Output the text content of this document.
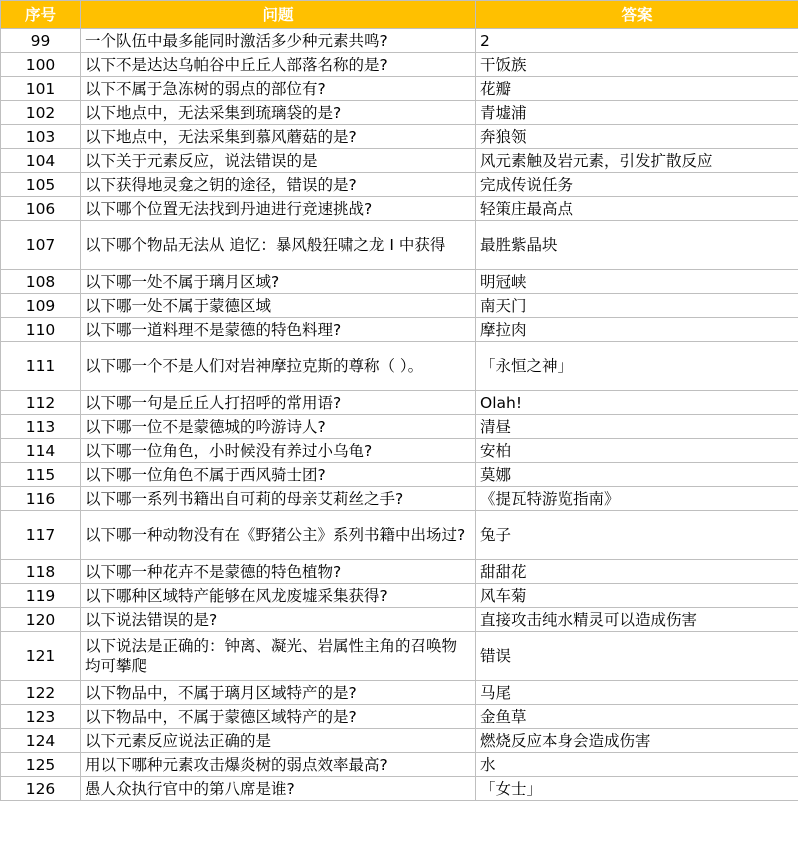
序号	问题	答案
99	一个队伍中最多能同时激活多少种元素共鸣?	2
100	以下不是达达乌帕谷中丘丘人部落名称的是?	干饭族
101	以下不属于急冻树的弱点的部位有?	花瓣
102	以下地点中，无法采集到琉璃袋的是?	青墟浦
103	以下地点中，无法采集到慕风蘑菇的是?	奔狼领
104	以下关于元素反应，说法错误的是	风元素触及岩元素，引发扩散反应
105	以下获得地灵龛之钥的途径，错误的是?	完成传说任务
106	以下哪个位置无法找到丹迪进行竞速挑战?	轻策庄最高点
107	以下哪个物品无法从 追忆：暴风般狂啸之龙 I 中获得	最胜紫晶块
108	以下哪一处不属于璃月区域?	明冠峡
109	以下哪一处不属于蒙德区域	南天门
110	以下哪一道料理不是蒙德的特色料理?	摩拉肉
111	以下哪一个不是人们对岩神摩拉克斯的尊称（ ）。	「永恒之神」
112	以下哪一句是丘丘人打招呼的常用语?	Olah!
113	以下哪一位不是蒙德城的吟游诗人?	清昼
114	以下哪一位角色，小时候没有养过小乌龟?	安柏
115	以下哪一位角色不属于西风骑士团?	莫娜
116	以下哪一系列书籍出自可莉的母亲艾莉丝之手?	《提瓦特游览指南》
117	以下哪一种动物没有在《野猪公主》系列书籍中出场过?	兔子
118	以下哪一种花卉不是蒙德的特色植物?	甜甜花
119	以下哪种区域特产能够在风龙废墟采集获得?	风车菊
120	以下说法错误的是?	直接攻击纯水精灵可以造成伤害
121	以下说法是正确的：钟离、凝光、岩属性主角的召唤物均可攀爬	错误
122	以下物品中，不属于璃月区域特产的是?	马尾
123	以下物品中，不属于蒙德区域特产的是?	金鱼草
124	以下元素反应说法正确的是	燃烧反应本身会造成伤害
125	用以下哪种元素攻击爆炎树的弱点效率最高?	水
126	愚人众执行官中的第八席是谁?	「女士」
